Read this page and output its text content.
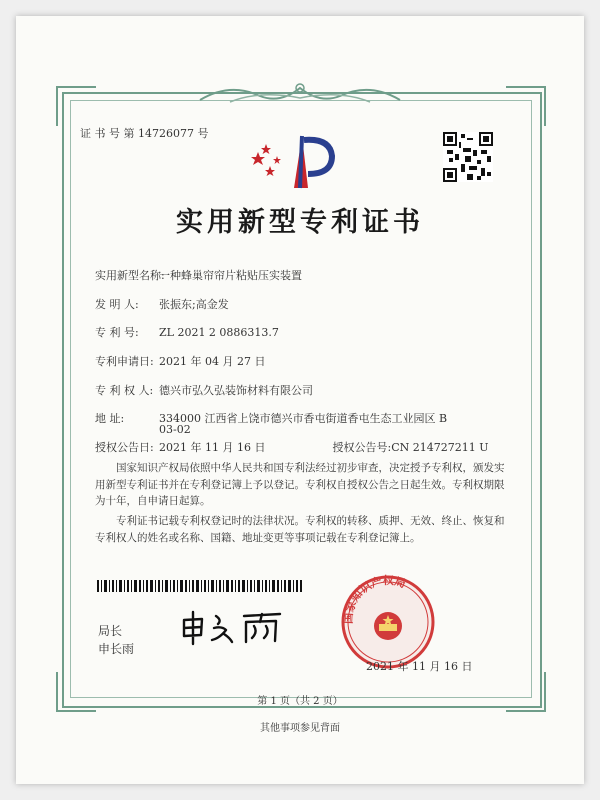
证 书 号 第 14726077 号
实用新型专利证书
实用新型名称:一种蜂巢帘帘片粘贴压实装置
发 明 人: 张振东;高金发
专 利 号: ZL 2021 2 0886313.7
专利申请日: 2021 年 04 月 27 日
专 利 权 人: 德兴市弘久弘装饰材料有限公司
地 址:	334000 江西省上饶市德兴市香屯街道香屯生态工业园区 B
03-02
授权公告日: 2021 年 11 月 16 日	授权公告号:CN 214727211 U
国家知识产权局依照中华人民共和国专利法经过初步审查，决定授予专利权，颁发实用新型专利证书并在专利登记簿上予以登记。专利权自授权公告之日起生效。专利权期限为十年，自申请日起算。
专利证书记载专利权登记时的法律状况。专利权的转移、质押、无效、终止、恢复和专利权人的姓名或名称、国籍、地址变更等事项记载在专利登记簿上。
局长
申长雨
国家知识产权局
2021 年 11 月 16 日
第 1 页（共 2 页）
其他事项参见背面
